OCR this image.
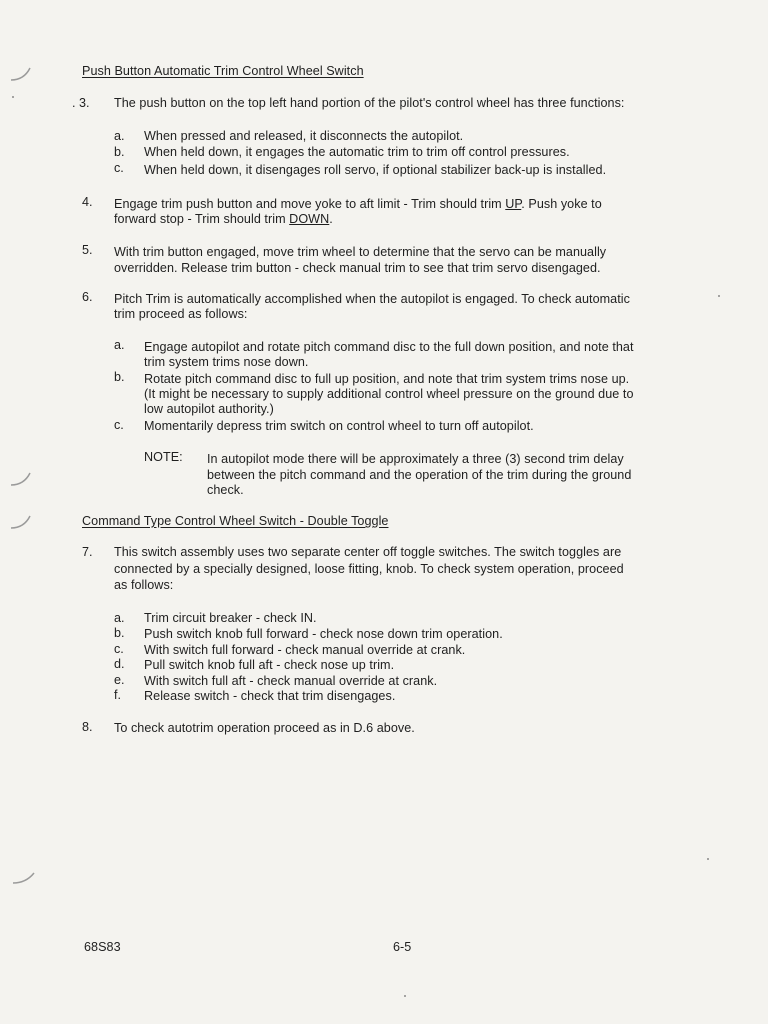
Push Button Automatic Trim Control Wheel Switch
. 3. The push button on the top left hand portion of the pilot's control wheel has three functions:
a. When pressed and released, it disconnects the autopilot.
b. When held down, it engages the automatic trim to trim off control pressures.
c. When held down, it disengages roll servo, if optional stabilizer back-up is installed.
4. Engage trim push button and move yoke to aft limit - Trim should trim UP. Push yoke to
forward stop - Trim should trim DOWN.
5. With trim button engaged, move trim wheel to determine that the servo can be manually
overridden. Release trim button - check manual trim to see that trim servo disengaged.
6. Pitch Trim is automatically accomplished when the autopilot is engaged. To check automatic
trim proceed as follows:
a. Engage autopilot and rotate pitch command disc to the full down position, and note that
trim system trims nose down.
b. Rotate pitch command disc to full up position, and note that trim system trims nose up.
(It might be necessary to supply additional control wheel pressure on the ground due to
low autopilot authority.)
c. Momentarily depress trim switch on control wheel to turn off autopilot.
NOTE: In autopilot mode there will be approximately a three (3) second trim delay
between the pitch command and the operation of the trim during the ground
check.
Command Type Control Wheel Switch - Double Toggle
7. This switch assembly uses two separate center off toggle switches. The switch toggles are
connected by a specially designed, loose fitting, knob. To check system operation, proceed
as follows:
a. Trim circuit breaker - check IN.
b. Push switch knob full forward - check nose down trim operation.
c. With switch full forward - check manual override at crank.
d. Pull switch knob full aft - check nose up trim.
e. With switch full aft - check manual override at crank.
f. Release switch - check that trim disengages.
8. To check autotrim operation proceed as in D.6 above.
68S83	6-5
